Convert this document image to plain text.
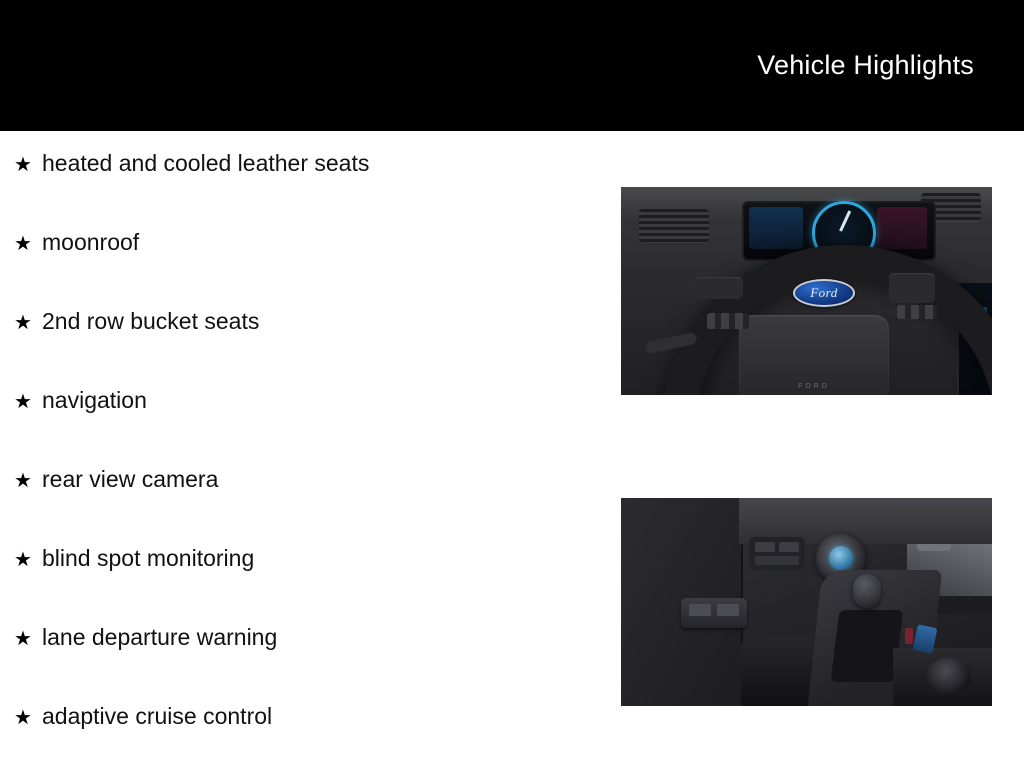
Vehicle Highlights
★ heated and cooled leather seats
★ moonroof
★ 2nd row bucket seats
★ navigation
★ rear view camera
★ blind spot monitoring
★ lane departure warning
★ adaptive cruise control
Ford
FORD
